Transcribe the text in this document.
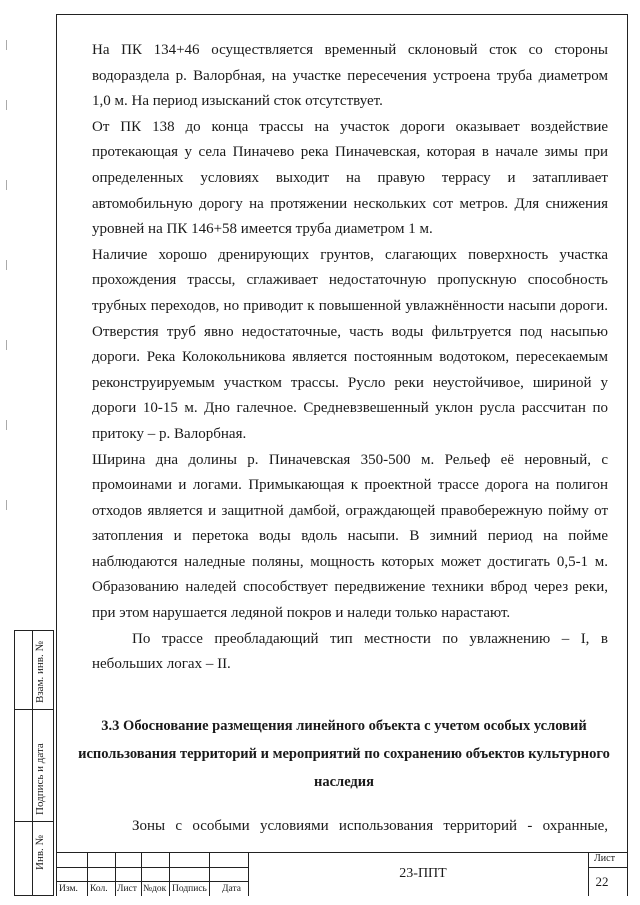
На ПК 134+46 осуществляется временный склоновый сток со стороны водораздела р. Валорбная, на участке пересечения устроена труба диаметром 1,0 м. На период изысканий сток отсутствует.

От ПК 138 до конца трассы на участок дороги оказывает воздействие протекающая у села Пиначево река Пиначевская, которая в начале зимы при определенных условиях выходит на правую террасу и затапливает автомобильную дорогу на протяжении нескольких сот метров. Для снижения уровней на ПК 146+58 имеется труба диаметром 1 м.

Наличие хорошо дренирующих грунтов, слагающих поверхность участка прохождения трассы, сглаживает недостаточную пропускную способность трубных переходов, но приводит к повышенной увлажнённости насыпи дороги. Отверстия труб явно недостаточные, часть воды фильтруется под насыпью дороги. Река Колокольникова является постоянным водотоком, пересекаемым реконструируемым участком трассы. Русло реки неустойчивое, шириной у дороги 10-15 м. Дно галечное. Средневзвешенный уклон русла рассчитан по притоку – р. Валорбная.

Ширина дна долины р. Пиначевская 350-500 м. Рельеф её неровный, с промоинами и логами. Примыкающая к проектной трассе дорога на полигон отходов является и защитной дамбой, ограждающей правобережную пойму от затопления и перетока воды вдоль насыпи. В зимний период на пойме наблюдаются наледные поляны, мощность которых может достигать 0,5-1 м. Образованию наледей способствует передвижение техники вброд через реки, при этом нарушается ледяной покров и наледи только нарастают.

По трассе преобладающий тип местности по увлажнению – I, в небольших логах – II.

3.3 Обоснование размещения линейного объекта с учетом особых условий использования территорий и мероприятий по сохранению объектов культурного наследия
Зоны с особыми условиями использования территорий - охранные,
Взам. инв. №
Подпись и дата
Инв. №
Изм. Кол. Лист №док Подпись Дата
23-ППТ
Лист
22
